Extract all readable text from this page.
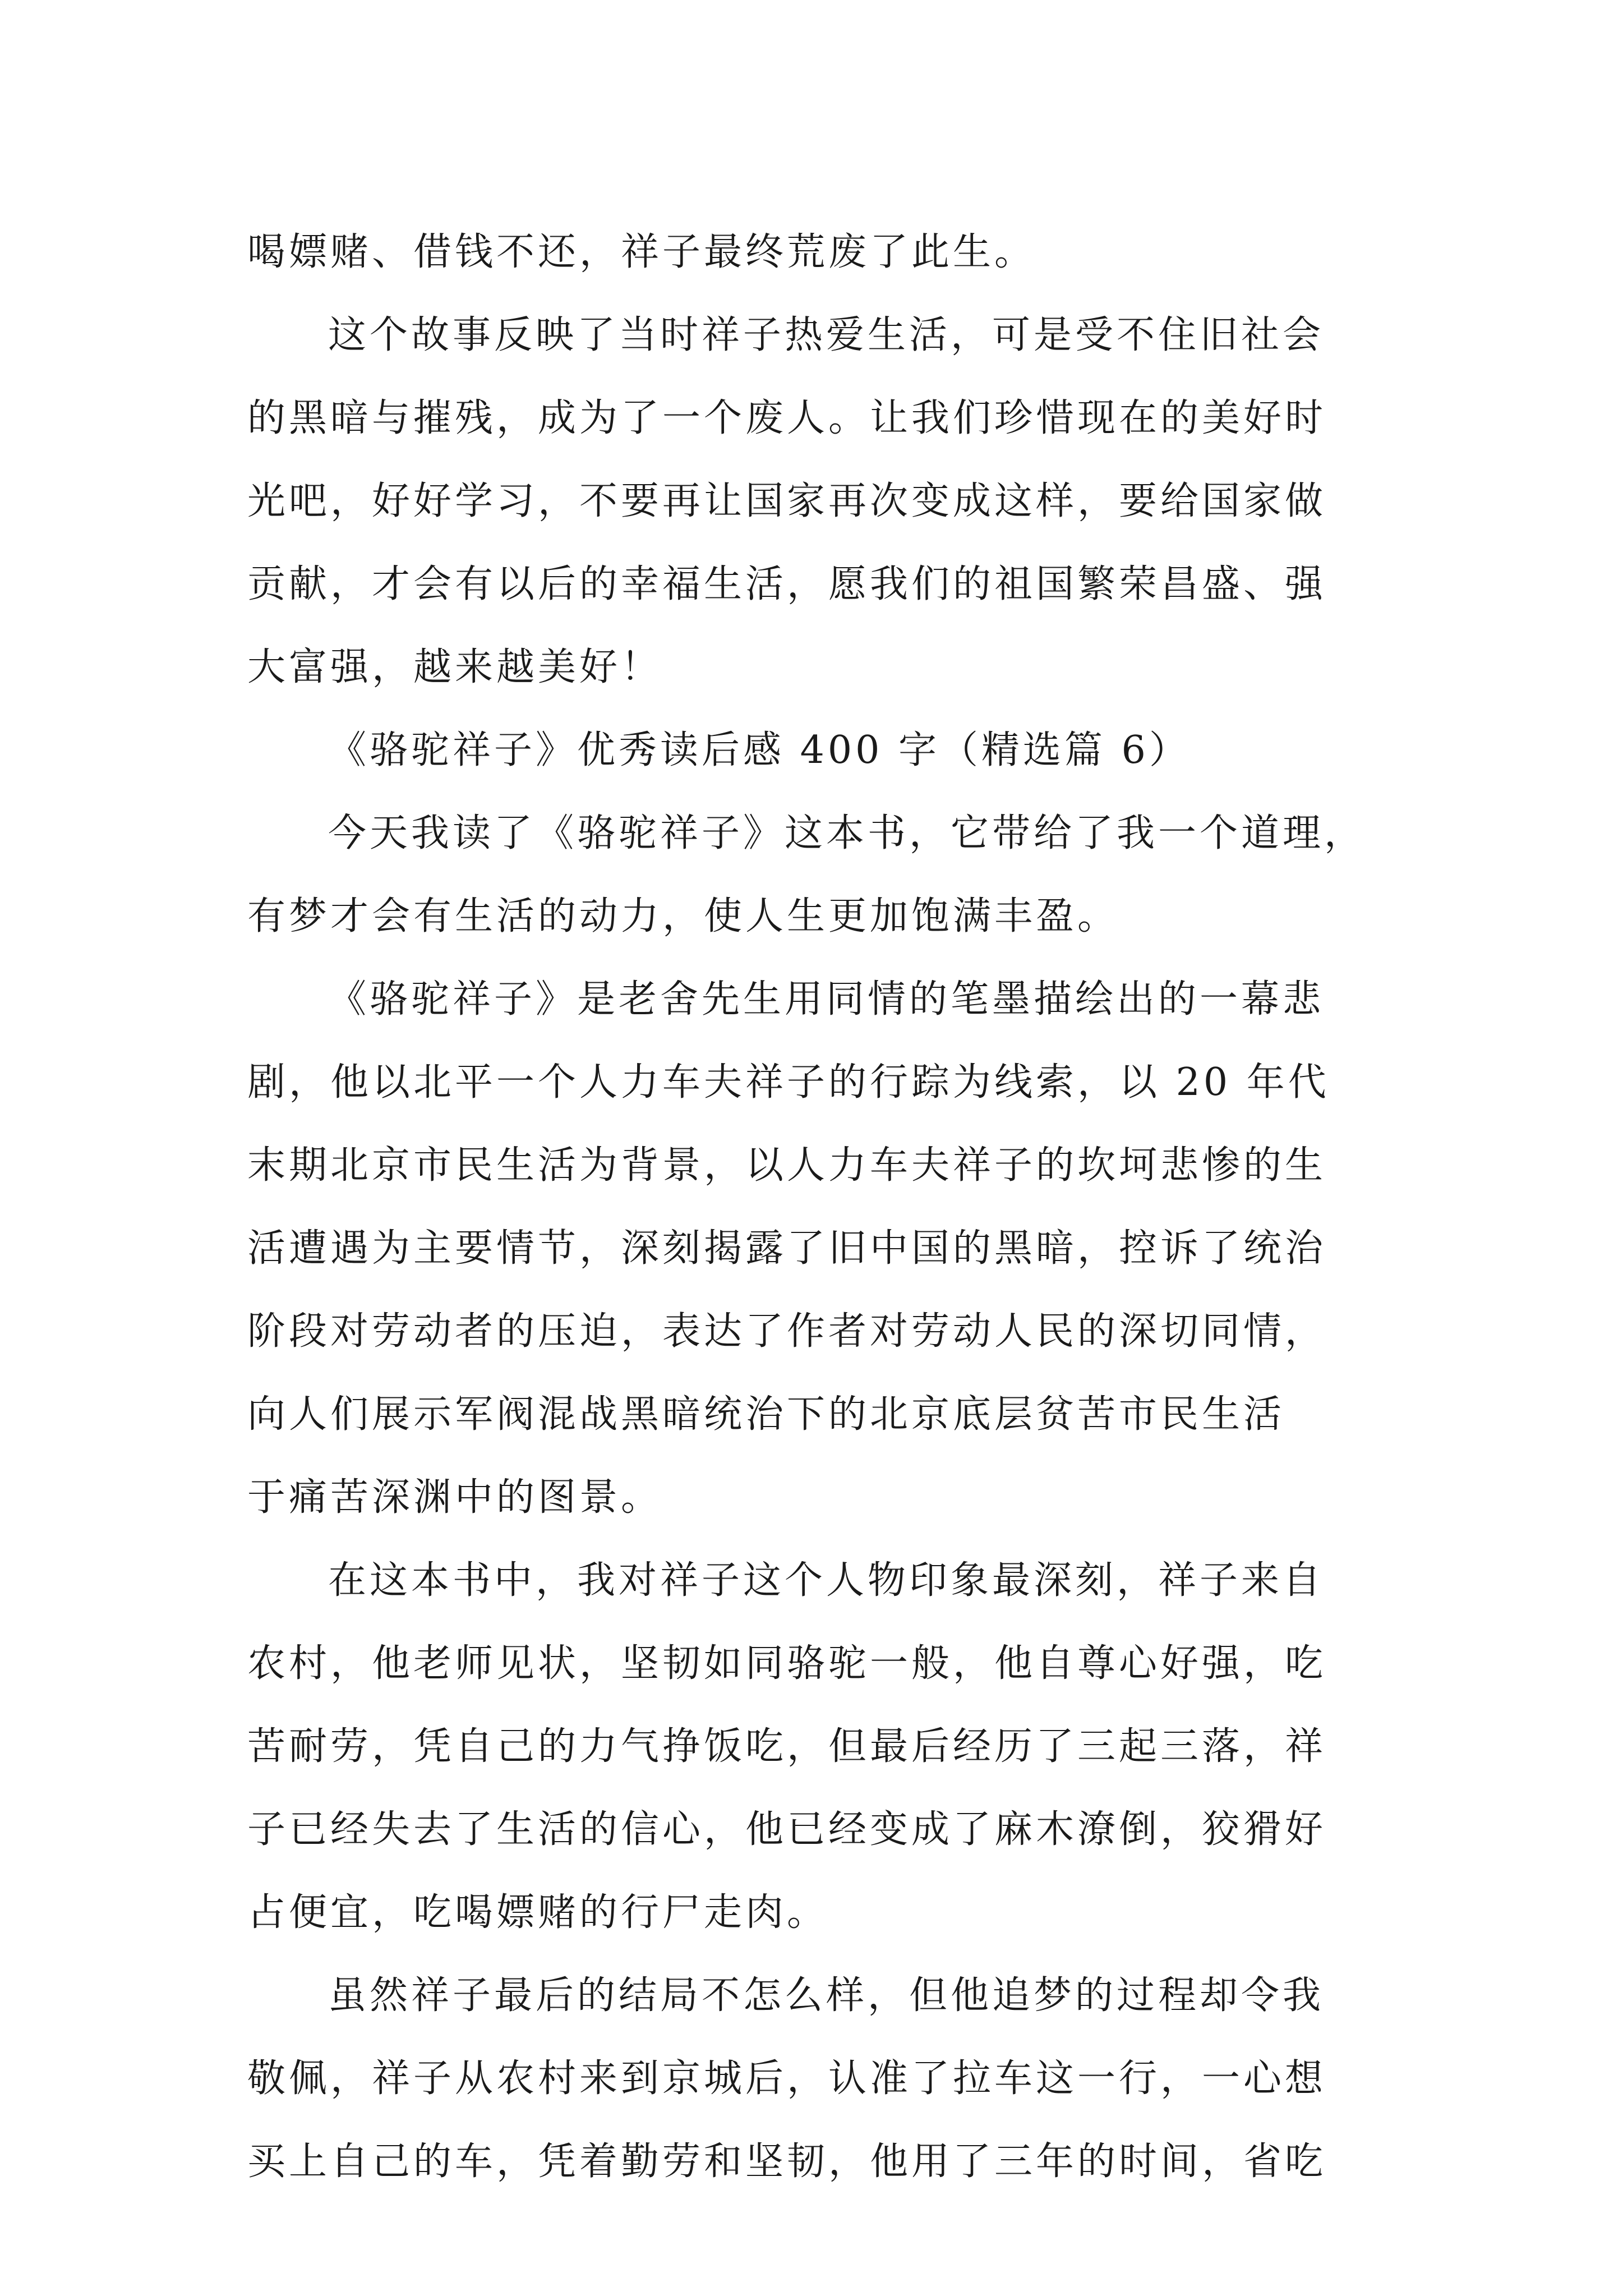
喝嫖赌、借钱不还，祥子最终荒废了此生。
这个故事反映了当时祥子热爱生活，可是受不住旧社会
的黑暗与摧残，成为了一个废人。让我们珍惜现在的美好时
光吧，好好学习，不要再让国家再次变成这样，要给国家做
贡献，才会有以后的幸福生活，愿我们的祖国繁荣昌盛、强
大富强，越来越美好！
《骆驼祥子》优秀读后感 400 字（精选篇 6）
今天我读了《骆驼祥子》这本书，它带给了我一个道理，
有梦才会有生活的动力，使人生更加饱满丰盈。
《骆驼祥子》是老舍先生用同情的笔墨描绘出的一幕悲
剧，他以北平一个人力车夫祥子的行踪为线索，以 20 年代
末期北京市民生活为背景，以人力车夫祥子的坎坷悲惨的生
活遭遇为主要情节，深刻揭露了旧中国的黑暗，控诉了统治
阶段对劳动者的压迫，表达了作者对劳动人民的深切同情，
向人们展示军阀混战黑暗统治下的北京底层贫苦市民生活
于痛苦深渊中的图景。
在这本书中，我对祥子这个人物印象最深刻，祥子来自
农村，他老师见状，坚韧如同骆驼一般，他自尊心好强，吃
苦耐劳，凭自己的力气挣饭吃，但最后经历了三起三落，祥
子已经失去了生活的信心，他已经变成了麻木潦倒，狡猾好
占便宜，吃喝嫖赌的行尸走肉。
虽然祥子最后的结局不怎么样，但他追梦的过程却令我
敬佩，祥子从农村来到京城后，认准了拉车这一行，一心想
买上自己的车，凭着勤劳和坚韧，他用了三年的时间，省吃
